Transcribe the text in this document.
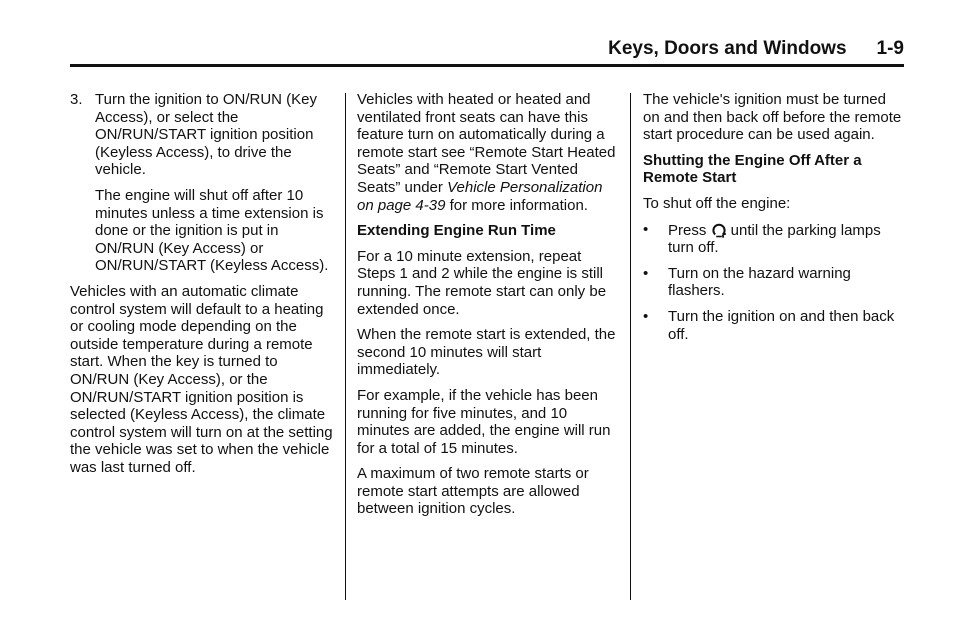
Keys, Doors and Windows 1-9
3. Turn the ignition to ON/RUN (Key Access), or select the ON/RUN/START ignition position (Keyless Access), to drive the vehicle.

The engine will shut off after 10 minutes unless a time extension is done or the ignition is put in ON/RUN (Key Access) or ON/RUN/START (Keyless Access).

Vehicles with an automatic climate control system will default to a heating or cooling mode depending on the outside temperature during a remote start. When the key is turned to ON/RUN (Key Access), or the ON/RUN/START ignition position is selected (Keyless Access), the climate control system will turn on at the setting the vehicle was set to when the vehicle was last turned off.

Vehicles with heated or heated and ventilated front seats can have this feature turn on automatically during a remote start see “Remote Start Heated Seats” and “Remote Start Vented Seats” under Vehicle Personalization on page 4-39 for more information.

Extending Engine Run Time

For a 10 minute extension, repeat Steps 1 and 2 while the engine is still running. The remote start can only be extended once.

When the remote start is extended, the second 10 minutes will start immediately.

For example, if the vehicle has been running for five minutes, and 10 minutes are added, the engine will run for a total of 15 minutes.

A maximum of two remote starts or remote start attempts are allowed between ignition cycles.

The vehicle's ignition must be turned on and then back off before the remote start procedure can be used again.

Shutting the Engine Off After a Remote Start

To shut off the engine:

• Press  until the parking lamps turn off.
• Turn on the hazard warning flashers.
• Turn the ignition on and then back off.
